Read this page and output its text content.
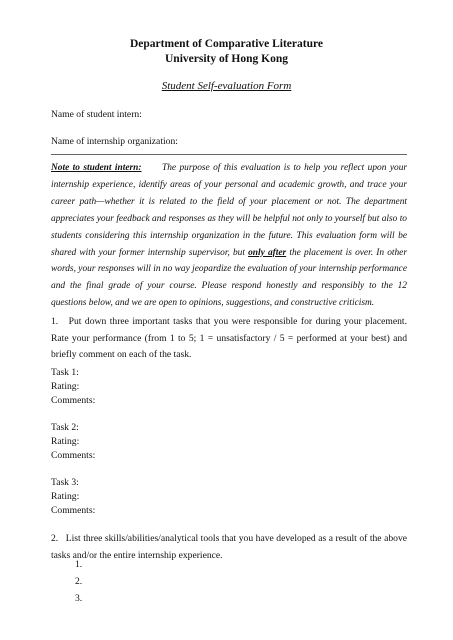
Department of Comparative Literature
University of Hong Kong
Student Self-evaluation Form
Name of student intern:
Name of internship organization:
Note to student intern: The purpose of this evaluation is to help you reflect upon your internship experience, identify areas of your personal and academic growth, and trace your career path—whether it is related to the field of your placement or not. The department appreciates your feedback and responses as they will be helpful not only to yourself but also to students considering this internship organization in the future. This evaluation form will be shared with your former internship supervisor, but only after the placement is over. In other words, your responses will in no way jeopardize the evaluation of your internship performance and the final grade of your course. Please respond honestly and responsibly to the 12 questions below, and we are open to opinions, suggestions, and constructive criticism.
1.   Put down three important tasks that you were responsible for during your placement. Rate your performance (from 1 to 5; 1 = unsatisfactory / 5 = performed at your best) and briefly comment on each of the task.
Task 1:
Rating:
Comments:
Task 2:
Rating:
Comments:
Task 3:
Rating:
Comments:
2.   List three skills/abilities/analytical tools that you have developed as a result of the above tasks and/or the entire internship experience.
1.
2.
3.
